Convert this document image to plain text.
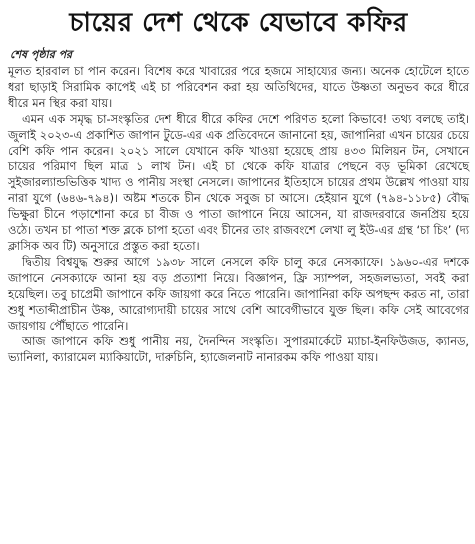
চায়ের দেশ থেকে যেভাবে কফির
শেষ পৃষ্ঠার পর

মূলত হারবাল চা পান করেন। বিশেষ করে খাবারের পরে হজমে সাহায্যের জন্য। অনেক হোটেলে হাতে ধরা ছাড়াই সিরামিক কাপেই এই চা পরিবেশন করা হয় অতিথিদের, যাতে উষ্ণতা অনুভব করে ধীরে ধীরে মন স্থির করা যায়।

এমন এক সমৃদ্ধ চা-সংস্কৃতির দেশ ধীরে ধীরে কফির দেশে পরিণত হলো কিভাবে! তথ্য বলছে তাই। জুলাই ২০২৩-এ প্রকাশিত জাপান টুডে-এর এক প্রতিবেদনে জানানো হয়, জাপানিরা এখন চায়ের চেয়ে বেশি কফি পান করেন। ২০২১ সালে যেখানে কফি খাওয়া হয়েছে প্রায় ৪৩৩ মিলিয়ন টন, সেখানে চায়ের পরিমাণ ছিল মাত্র ১ লাখ টন। এই চা থেকে কফি যাত্রার পেছনে বড় ভূমিকা রেখেছে সুইজারল্যান্ডভিত্তিক খাদ্য ও পানীয় সংস্থা নেসলে। জাপানের ইতিহাসে চায়ের প্রথম উল্লেখ পাওয়া যায় নারা যুগে (৬৪৬-৭৯৪)। অষ্টম শতকে চীন থেকে সবুজ চা আসে। হেইয়ান যুগে (৭৯৪-১১৮৫) বৌদ্ধ ভিক্ষুরা চীনে পড়াশোনা করে চা বীজ ও পাতা জাপানে নিয়ে আসেন, যা রাজদরবারে জনপ্রিয় হয়ে ওঠে। তখন চা পাতা শক্ত ব্লকে চাপা হতো এবং চীনের তাং রাজবংশে লেখা লু ইউ-এর গ্রন্থ ‘চা চিং’ (দ্য ক্লাসিক অব টি) অনুসারে প্রস্তুত করা হতো।

দ্বিতীয় বিশ্বযুদ্ধ শুরুর আগে ১৯৩৮ সালে নেসলে কফি চালু করে নেসক্যাফে। ১৯৬০-এর দশকে জাপানে নেসক্যাফে আনা হয় বড় প্রত্যাশা নিয়ে। বিজ্ঞাপন, ফ্রি স্যাম্পল, সহজলভ্যতা, সবই করা হয়েছিল। তবু চাপ্রেমী জাপানে কফি জায়গা করে নিতে পারেনি। জাপানিরা কফি অপছন্দ করত না, তারা শুধু শতাব্দীপ্রাচীন উষ্ণ, আরোগ্যদায়ী চায়ের সাথে বেশি আবেগীভাবে যুক্ত ছিল। কফি সেই আবেগের জায়গায় পৌঁছাতে পারেনি।

আজ জাপানে কফি শুধু পানীয় নয়, দৈনন্দিন সংস্কৃতি। সুপারমার্কেটে ম্যাচা-ইনফিউজড, ক্যানড, ভ্যানিলা, ক্যারামেল ম্যাকিয়াটো, দারুচিনি, হ্যাজেলনাট নানারকম কফি পাওয়া যায়।
